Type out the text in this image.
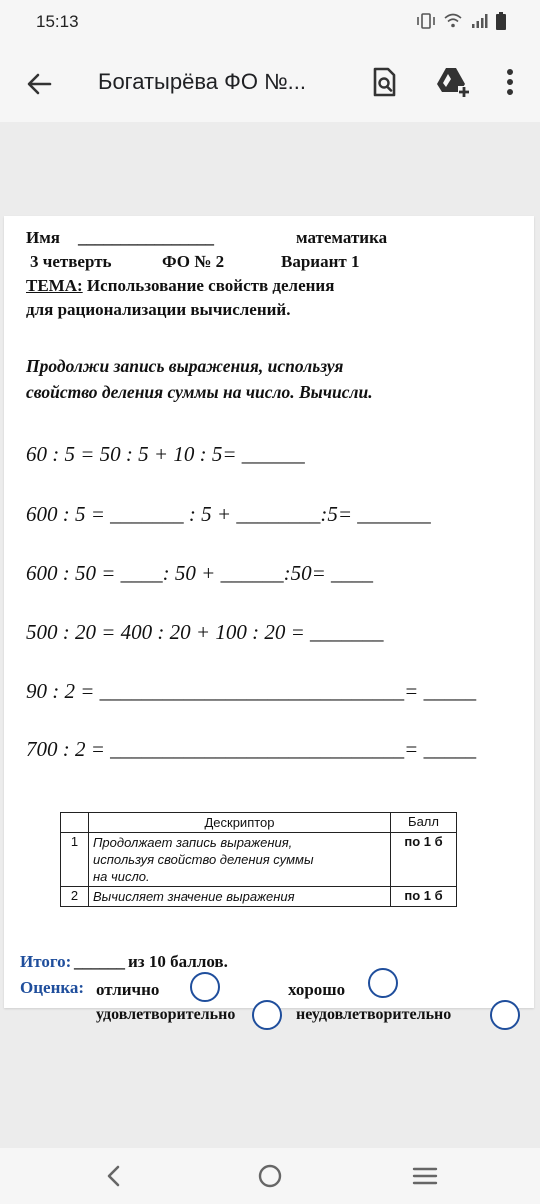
15:13
Богатырёва ФО №...
Имя ________________	математика
3 четверть	ФО № 2	Вариант 1
ТЕМА: Использование свойств деления
для рационализации вычислений.
Продолжи запись выражения, используя
свойство деления суммы на число. Вычисли.
60 : 5 = 50 : 5 + 10 : 5= ______
600 : 5 = _______ : 5 + ________:5= _______
600 : 50 = ____: 50 + ______:50= ____
500 : 20 = 400 : 20 + 100 : 20 = _______
90 : 2 = _____________________________= _____
700 : 2 = ____________________________= _____
	Дескриптор	Балл
1	Продолжает запись выражения,
используя свойство деления суммы
на число.	по 1 б
2	Вычисляет значение выражения	по 1 б
Итого: ______ из 10 баллов.
Оценка: отлично	хорошо
удовлетворительно	неудовлетворительно
